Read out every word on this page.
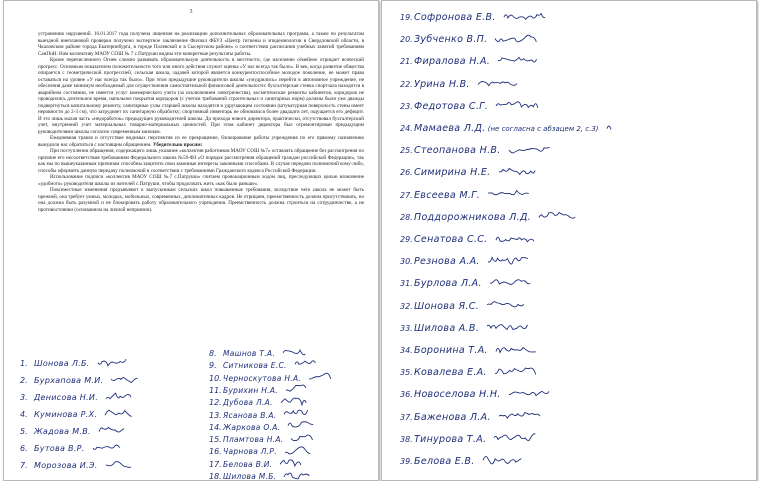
3

устранению нарушений. 16.01.2017 года получена лицензия на реализацию дополнительных образовательных программ, а также по результатам выездной внеплановой проверки получено экспертное заключение Филиал ФБУЗ «Центр гигиены и эпидемиологии в Свердловской области, в Чкаловском районе города Екатеринбурга, в городе Полевской и в Сысертском районе» о соответствии расписания учебных занятий требованиям СанПиН. Нам коллективу МАОУ СОШ № 7 с.Патруши видны эти конкретные результаты работы.

Кроме перечисленного Огнев сложно развивать образовательную деятельность в местности, где население сёмейное отрицает всяческий прогресс. Основным показателем положительности того или иного действия служит оценка «У нас всегда так было». В век, когда развитие общества опирается с геометрической прогрессией, сельская школа, задачей которой является конкурентоспособное молодое поколение, не может права оставаться на уровне «У нас всегда так было». При этом предыдущие руководители школы «умудрились» перейти в автономное учреждение, не обеспечив даже минимум необходимый для осуществления самостоятельной финансовой деятельности: бухгалтерская стенка спортзала находится в аварийном состоянии, не имеется услуг коммерческого учета (за исключением электричества), косметические ремонты кабинетов, коридоров не проводились длительное время, напольное покрытия коридоров (с учетом требований строительных и санитарных норм) должны были уже дважды подвергнуться капитальному ремонту, санитарные узлы старшей школы находятся в удручающем состоянии (штукатурная поверхность стены имеет неровности до 2-3 см), что затрудняет их санитарную обработку; спортивный инвентарь не обновлялся более двадцати лет, ощущается его дефицит. И это лишь малая часть «недоработок» предыдущих руководителей школы. До прихода нового директора, практически, отсутствовал бухгалтерский учет, внутренний учет материальных товарно-материальных ценностей. При этом кабинет директора был отремонтирован предыдущим руководителями школы согласно современным канонам.

Ежедневная травля и отсутствие видимых перспектив из ее прекращение, блокирование работы учреждения по его прямому назначению вынудили нас обратиться с настоящим обращением. Убедительно просим:

При поступлении обращения, содержащего лишь указание «коллектив работников МАОУ СОШ №7» оставлять обращение без рассмотрения по причине его несоответствия требованиям Федерального закона №59-ФЗ «О порядке рассмотрения обращений граждан российской Федерации», так как мы по вышеуказанным причинам способны защитить свои законные интересы законными способами. В случае передачи полномочий кому-либо, способы оформить данную передачу полномочий в соответствии с требованиями Гражданского кодекса Российской Федерации.

Использование подписи «коллектив МАОУ СОШ №7 с.Патруши» считаем провокационным ходом лиц, преследующих целью назначение «удобного» руководителя школы из жителей с.Патруши, чтобы продолжать жить «как было раньше».

Повсеместные изменения предъявляют к выпускникам сельских школ повышенные требования, вследствие чего школа не может быть прежней, она требует умных, молодых, мобильных, современных, дипломатичных кадров. Не отрицаем, преемственность должна присутствовать, но она должна быть разумной и не блокировать работу образовательного учреждения. Преемственность должна строиться на сотрудничестве, а не противостоянии (основанном на личной неприязни).

1. Шонова Л.Б.
2. Бурхапова М.И.
3. Денисова Н.И.
4. Куминова Р.Х.
5. Жадова М.В.
6. Бутова В.Р.
7. Морозова И.Э.
8. Машнов Т.А.
9. Ситникова Е.С.
10.Черноскутова Н.А.
11.Бурихин Н.А.
12.Дубова Л.А.
13.Ясанова В.А.
14.Жаркова О.А.
15.Пламтова Н.А.
16.Чарнова Л.Р.
17.Белова В.И.
18.Шилова М.Б.
19.Софронова Е.В.
20.Зубченко В.П.
21.Фиралова Н.А.
22.Урина Н.В.
23.Федотова С.Г.
24.Мамаева Л.Д. (не согласна с абзацем 2, с.3)
25.Стеопанова Н.В.
26.Симирина Н.Е.
27.Евсеева М.Г.
28.Поддорожникова Л.Д.
29.Сенатова С.С.
30.Резнова А.А.
31.Бурлова Л.А.
32.Шонова Я.С.
33.Шилова А.В.
34.Боронина Т.А.
35.Ковалева Е.А.
36.Новоселова Н.Н.
37.Баженова Л.А.
38.Тинурова Т.А.
39.Белова Е.В.
